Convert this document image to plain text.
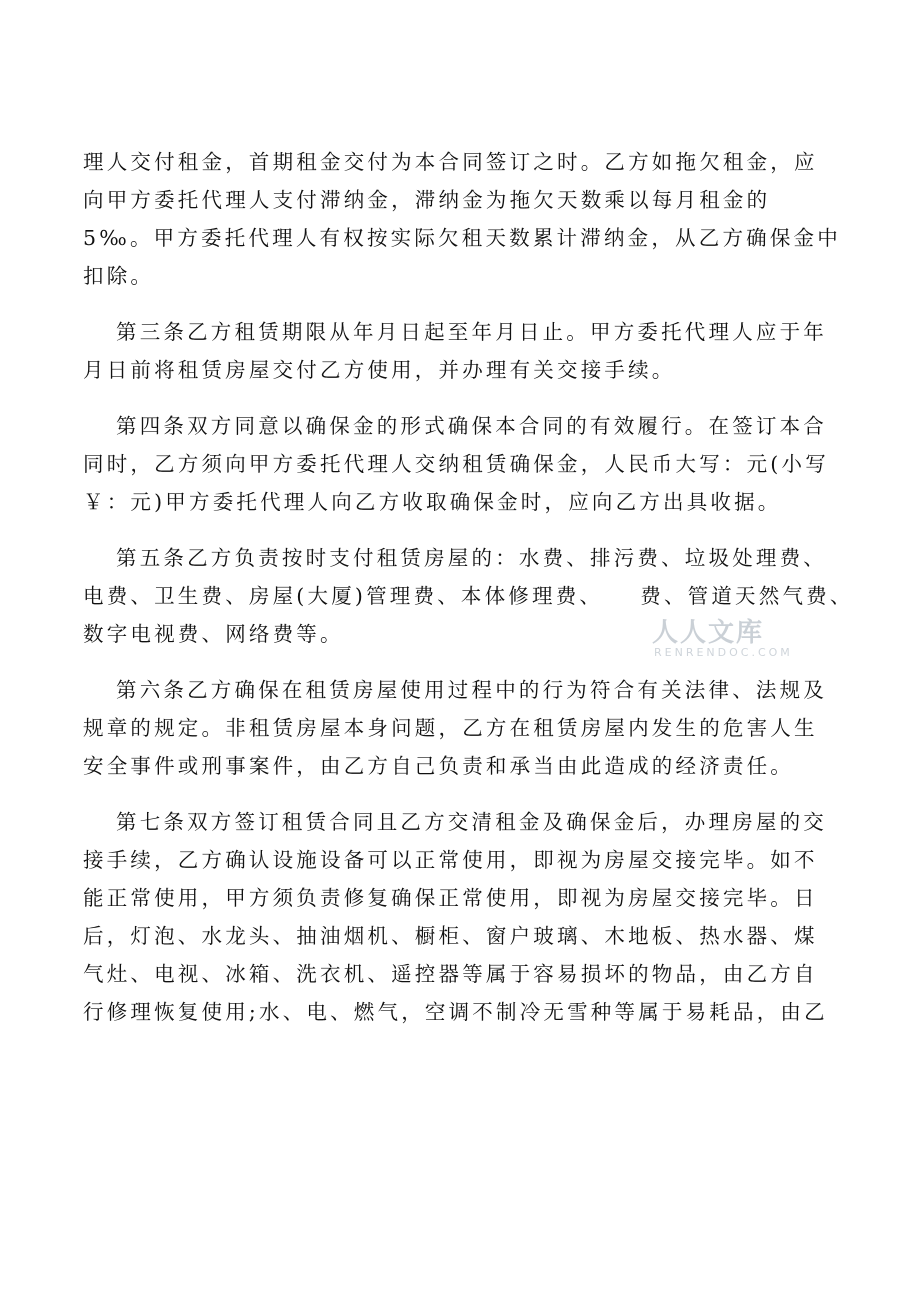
理人交付租金，首期租金交付为本合同签订之时。乙方如拖欠租金，应
向甲方委托代理人支付滞纳金，滞纳金为拖欠天数乘以每月租金的
5‰。甲方委托代理人有权按实际欠租天数累计滞纳金，从乙方确保金中
扣除。
第三条乙方租赁期限从年月日起至年月日止。甲方委托代理人应于年
月日前将租赁房屋交付乙方使用，并办理有关交接手续。
第四条双方同意以确保金的形式确保本合同的有效履行。在签订本合
同时，乙方须向甲方委托代理人交纳租赁确保金，人民币大写：元(小写
￥：元)甲方委托代理人向乙方收取确保金时，应向乙方出具收据。
第五条乙方负责按时支付租赁房屋的：水费、排污费、垃圾处理费、
电费、卫生费、房屋(大厦)管理费、本体修理费、　　费、管道天然气费、
数字电视费、网络费等。
第六条乙方确保在租赁房屋使用过程中的行为符合有关法律、法规及
规章的规定。非租赁房屋本身问题，乙方在租赁房屋内发生的危害人生
安全事件或刑事案件，由乙方自己负责和承当由此造成的经济责任。
第七条双方签订租赁合同且乙方交清租金及确保金后，办理房屋的交
接手续，乙方确认设施设备可以正常使用，即视为房屋交接完毕。如不
能正常使用，甲方须负责修复确保正常使用，即视为房屋交接完毕。日
后，灯泡、水龙头、抽油烟机、橱柜、窗户玻璃、木地板、热水器、煤
气灶、电视、冰箱、洗衣机、遥控器等属于容易损坏的物品，由乙方自
行修理恢复使用;水、电、燃气，空调不制冷无雪种等属于易耗品，由乙
人人文库
RENRENDOC.COM
